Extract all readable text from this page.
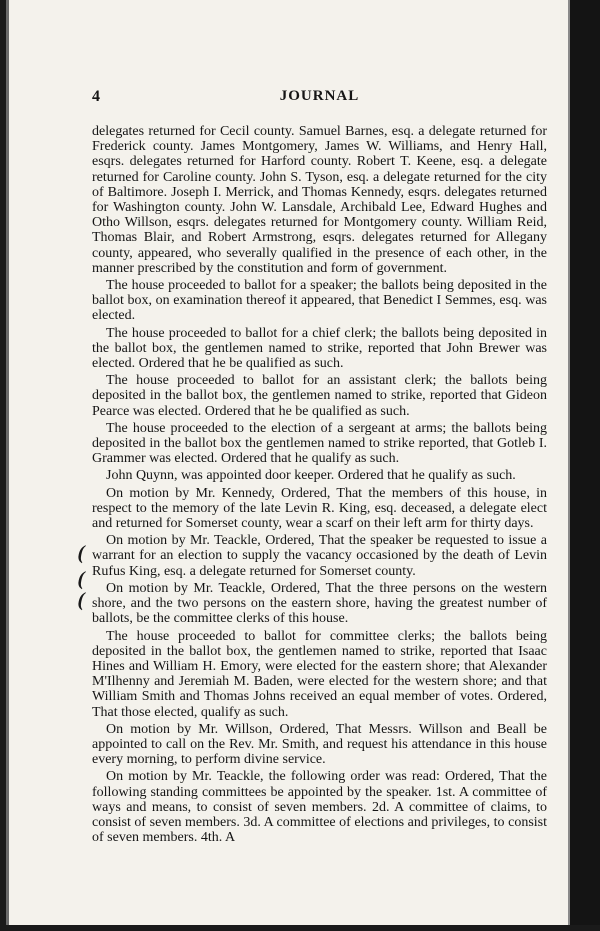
4	JOURNAL
(
(
(

delegates returned for Cecil county. Samuel Barnes, esq. a delegate returned for Frederick county. James Montgomery, James W. Williams, and Henry Hall, esqrs. delegates returned for Harford county. Robert T. Keene, esq. a delegate returned for Caroline county. John S. Tyson, esq. a delegate returned for the city of Baltimore. Joseph I. Merrick, and Thomas Kennedy, esqrs. delegates returned for Washington county. John W. Lansdale, Archibald Lee, Edward Hughes and Otho Willson, esqrs. delegates returned for Montgomery county. William Reid, Thomas Blair, and Robert Armstrong, esqrs. delegates returned for Allegany county, appeared, who severally qualified in the presence of each other, in the manner prescribed by the constitution and form of government.

The house proceeded to ballot for a speaker; the ballots being deposited in the ballot box, on examination thereof it appeared, that Benedict I Semmes, esq. was elected.

The house proceeded to ballot for a chief clerk; the ballots being deposited in the ballot box, the gentlemen named to strike, reported that John Brewer was elected. Ordered that he be qualified as such.

The house proceeded to ballot for an assistant clerk; the ballots being deposited in the ballot box, the gentlemen named to strike, reported that Gideon Pearce was elected. Ordered that he be qualified as such.

The house proceeded to the election of a sergeant at arms; the ballots being deposited in the ballot box the gentlemen named to strike reported, that Gotleb I. Grammer was elected. Ordered that he qualify as such.

John Quynn, was appointed door keeper. Ordered that he qualify as such.

On motion by Mr. Kennedy, Ordered, That the members of this house, in respect to the memory of the late Levin R. King, esq. deceased, a delegate elect and returned for Somerset county, wear a scarf on their left arm for thirty days.

On motion by Mr. Teackle, Ordered, That the speaker be requested to issue a warrant for an election to supply the vacancy occasioned by the death of Levin Rufus King, esq. a delegate returned for Somerset county.

On motion by Mr. Teackle, Ordered, That the three persons on the western shore, and the two persons on the eastern shore, having the greatest number of ballots, be the committee clerks of this house.

The house proceeded to ballot for committee clerks; the ballots being deposited in the ballot box, the gentlemen named to strike, reported that Isaac Hines and William H. Emory, were elected for the eastern shore; that Alexander M'Ilhenny and Jeremiah M. Baden, were elected for the western shore; and that William Smith and Thomas Johns received an equal member of votes. Ordered, That those elected, qualify as such.

On motion by Mr. Willson, Ordered, That Messrs. Willson and Beall be appointed to call on the Rev. Mr. Smith, and request his attendance in this house every morning, to perform divine service.

On motion by Mr. Teackle, the following order was read: Ordered, That the following standing committees be appointed by the speaker. 1st. A committee of ways and means, to consist of seven members. 2d. A committee of claims, to consist of seven members. 3d. A committee of elections and privileges, to consist of seven members. 4th. A
